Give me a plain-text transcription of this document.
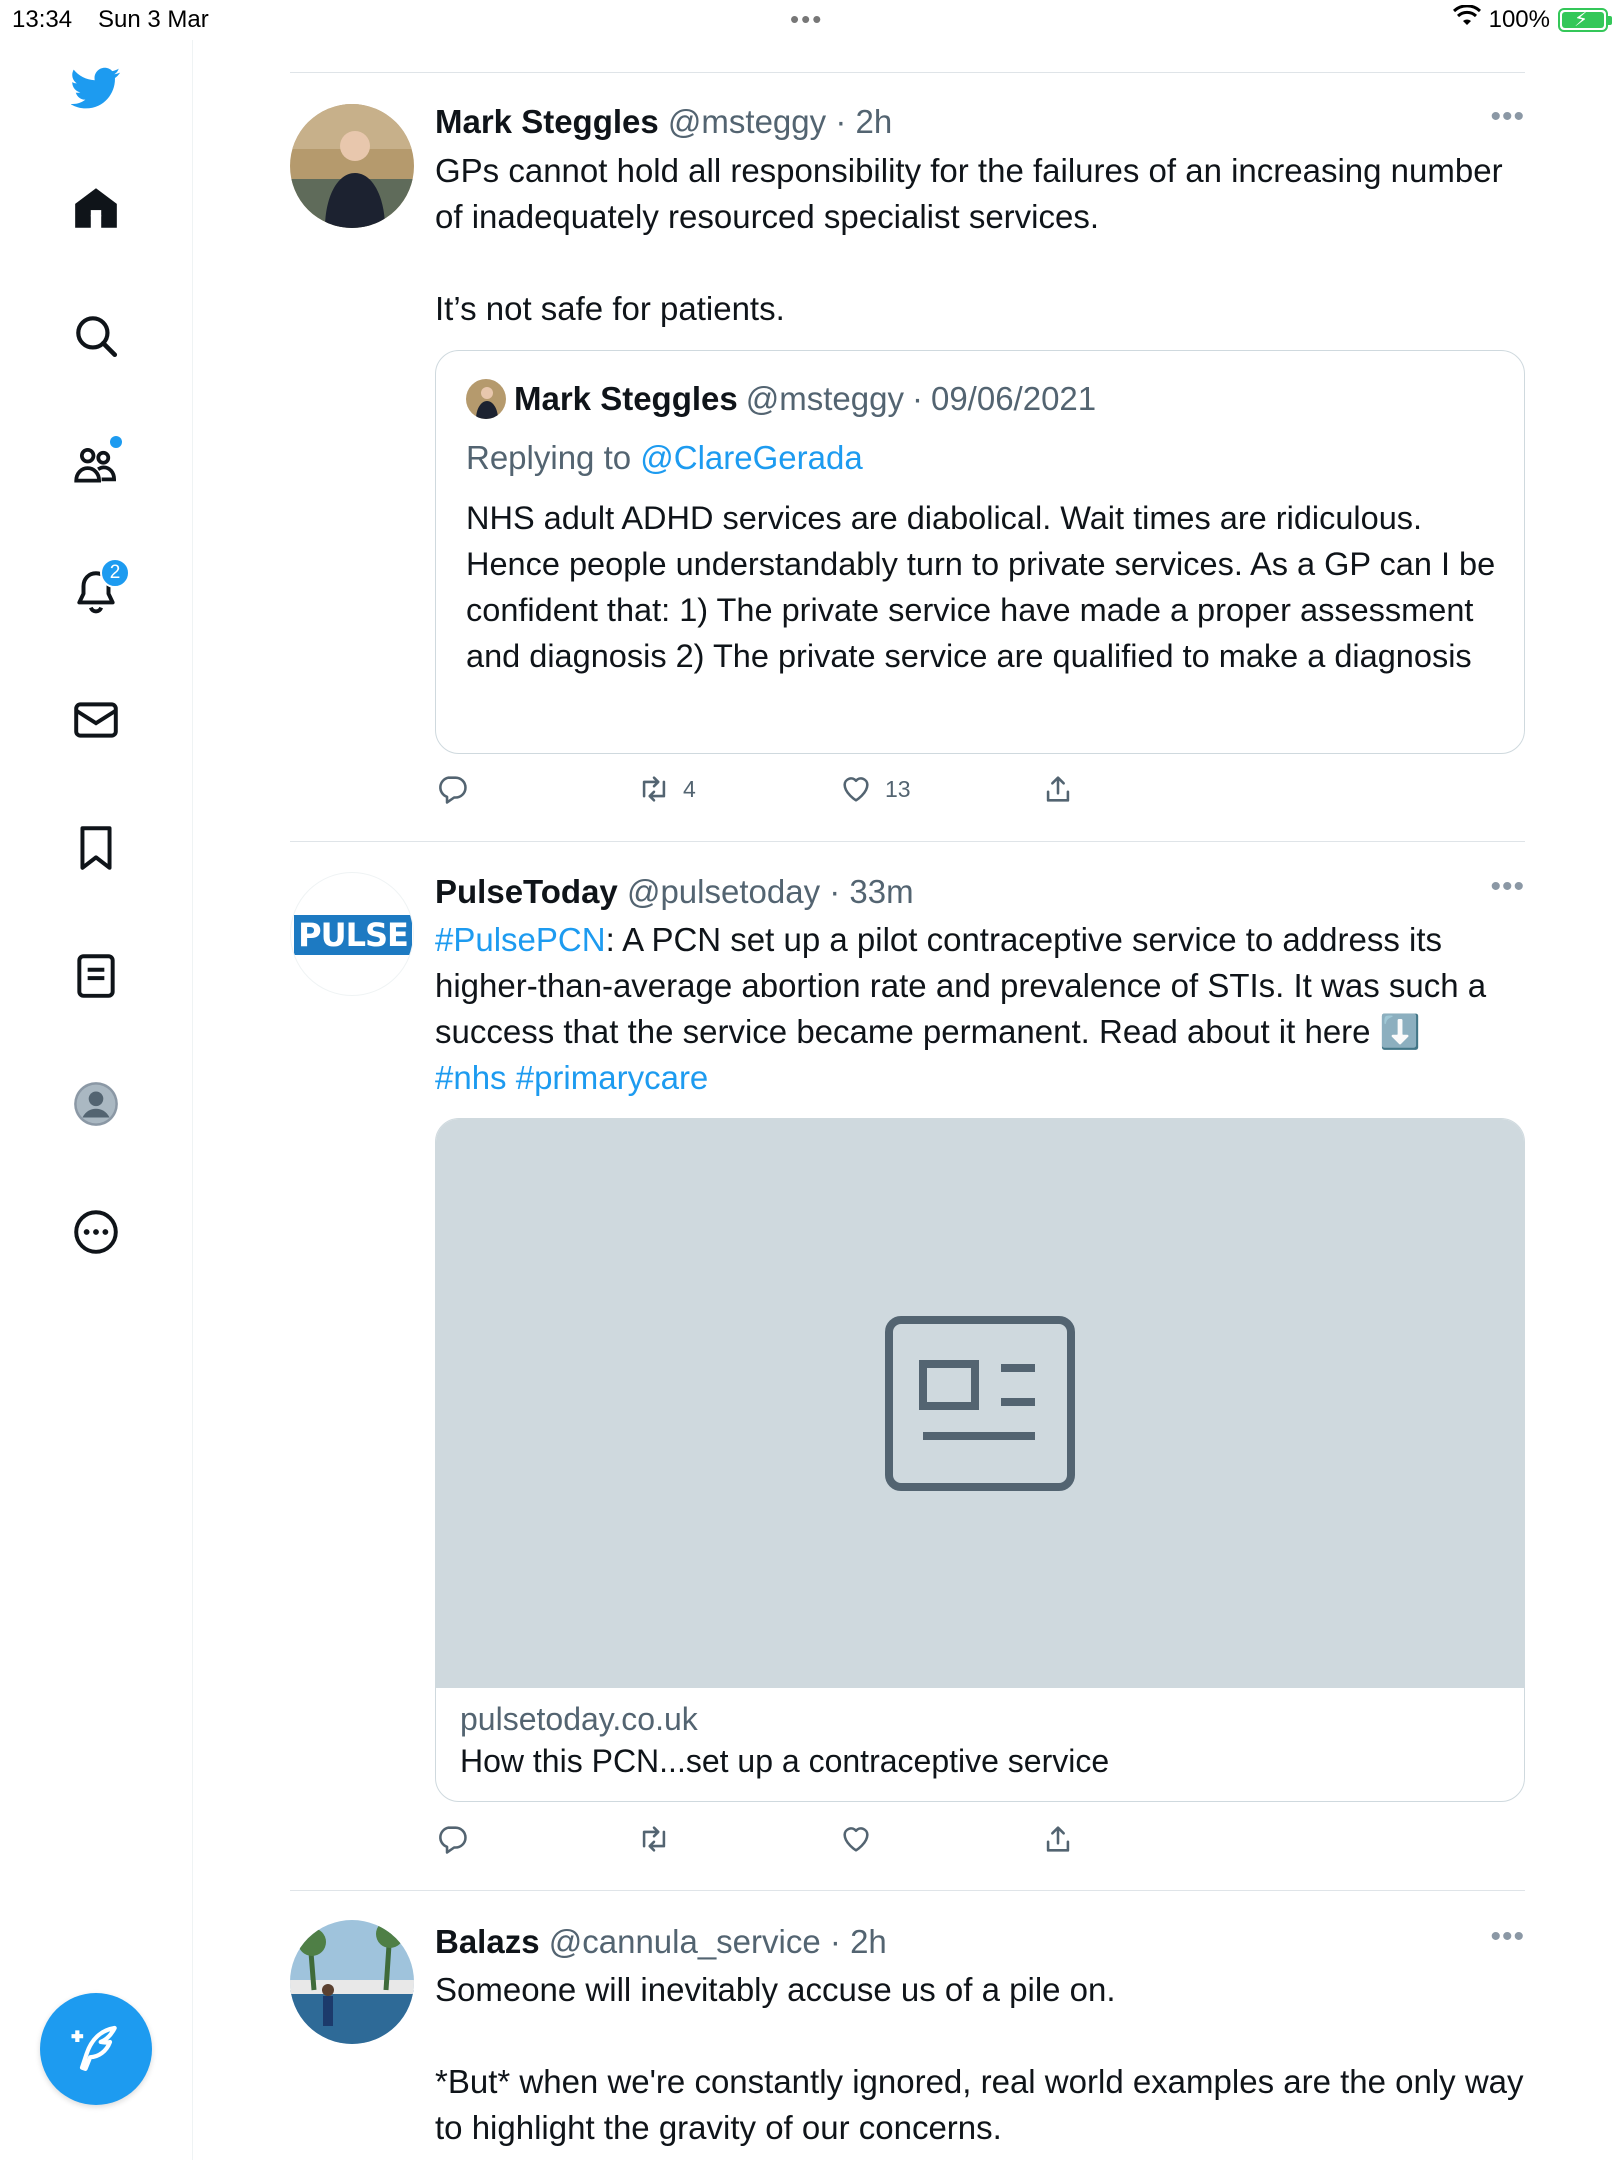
13:34 Sun 3 Mar	•••	100% ⚡
2
Mark Steggles @msteggy · 2h	•••

GPs cannot hold all responsibility for the failures of an increasing number of inadequately resourced specialist services.

It’s not safe for patients.

Mark Steggles @msteggy · 09/06/2021
Replying to @ClareGerada
NHS adult ADHD services are diabolical. Wait times are ridiculous. Hence people understandably turn to private services. As a GP can I be confident that: 1) The private service have made a proper assessment and diagnosis 2) The private service are qualified to make a diagnosis
4	13
PULSE
PulseToday @pulsetoday · 33m	•••
#PulsePCN: A PCN set up a pilot contraceptive service to address its higher-than-average abortion rate and prevalence of STIs. It was such a success that the service became permanent. Read about it here ⬇️
#nhs #primarycare
pulsetoday.co.uk
How this PCN...set up a contraceptive service
Balazs @cannula_service · 2h	•••

Someone will inevitably accuse us of a pile on.

*But* when we're constantly ignored, real world examples are the only way to highlight the gravity of our concerns.
